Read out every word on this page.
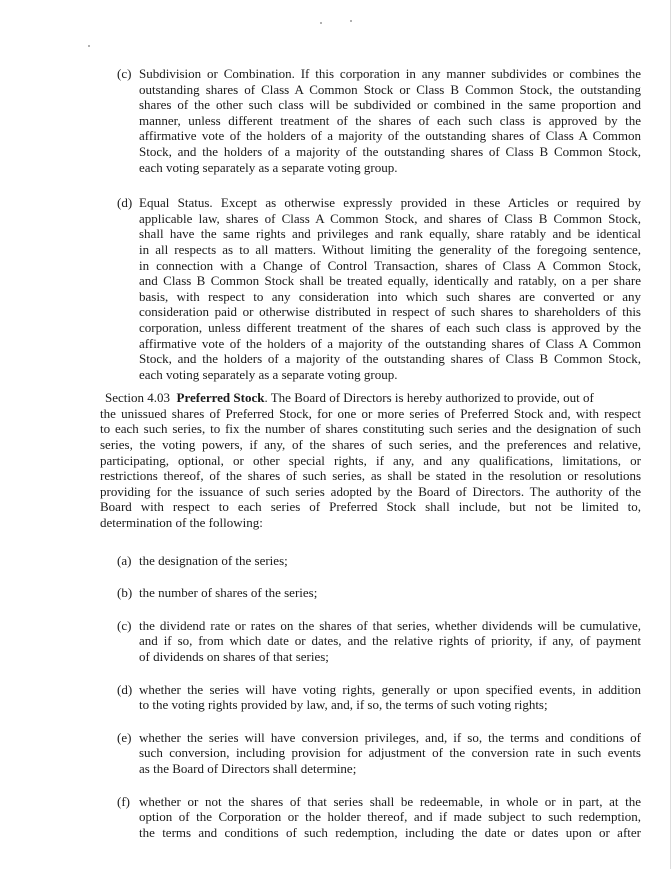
(c) Subdivision or Combination. If this corporation in any manner subdivides or combines the
outstanding shares of Class A Common Stock or Class B Common Stock, the outstanding
shares of the other such class will be subdivided or combined in the same proportion and
manner, unless different treatment of the shares of each such class is approved by the
affirmative vote of the holders of a majority of the outstanding shares of Class A Common
Stock, and the holders of a majority of the outstanding shares of Class B Common Stock,
each voting separately as a separate voting group.
(d) Equal Status. Except as otherwise expressly provided in these Articles or required by
applicable law, shares of Class A Common Stock, and shares of Class B Common Stock,
shall have the same rights and privileges and rank equally, share ratably and be identical
in all respects as to all matters. Without limiting the generality of the foregoing sentence,
in connection with a Change of Control Transaction, shares of Class A Common Stock,
and Class B Common Stock shall be treated equally, identically and ratably, on a per share
basis, with respect to any consideration into which such shares are converted or any
consideration paid or otherwise distributed in respect of such shares to shareholders of this
corporation, unless different treatment of the shares of each such class is approved by the
affirmative vote of the holders of a majority of the outstanding shares of Class A Common
Stock, and the holders of a majority of the outstanding shares of Class B Common Stock,
each voting separately as a separate voting group.
Section 4.03 Preferred Stock. The Board of Directors is hereby authorized to provide, out of
the unissued shares of Preferred Stock, for one or more series of Preferred Stock and, with respect
to each such series, to fix the number of shares constituting such series and the designation of such
series, the voting powers, if any, of the shares of such series, and the preferences and relative,
participating, optional, or other special rights, if any, and any qualifications, limitations, or
restrictions thereof, of the shares of such series, as shall be stated in the resolution or resolutions
providing for the issuance of such series adopted by the Board of Directors. The authority of the
Board with respect to each series of Preferred Stock shall include, but not be limited to,
determination of the following:
(a) the designation of the series;
(b) the number of shares of the series;
(c) the dividend rate or rates on the shares of that series, whether dividends will be cumulative,
and if so, from which date or dates, and the relative rights of priority, if any, of payment
of dividends on shares of that series;
(d) whether the series will have voting rights, generally or upon specified events, in addition
to the voting rights provided by law, and, if so, the terms of such voting rights;
(e) whether the series will have conversion privileges, and, if so, the terms and conditions of
such conversion, including provision for adjustment of the conversion rate in such events
as the Board of Directors shall determine;
(f) whether or not the shares of that series shall be redeemable, in whole or in part, at the
option of the Corporation or the holder thereof, and if made subject to such redemption,
the terms and conditions of such redemption, including the date or dates upon or after
